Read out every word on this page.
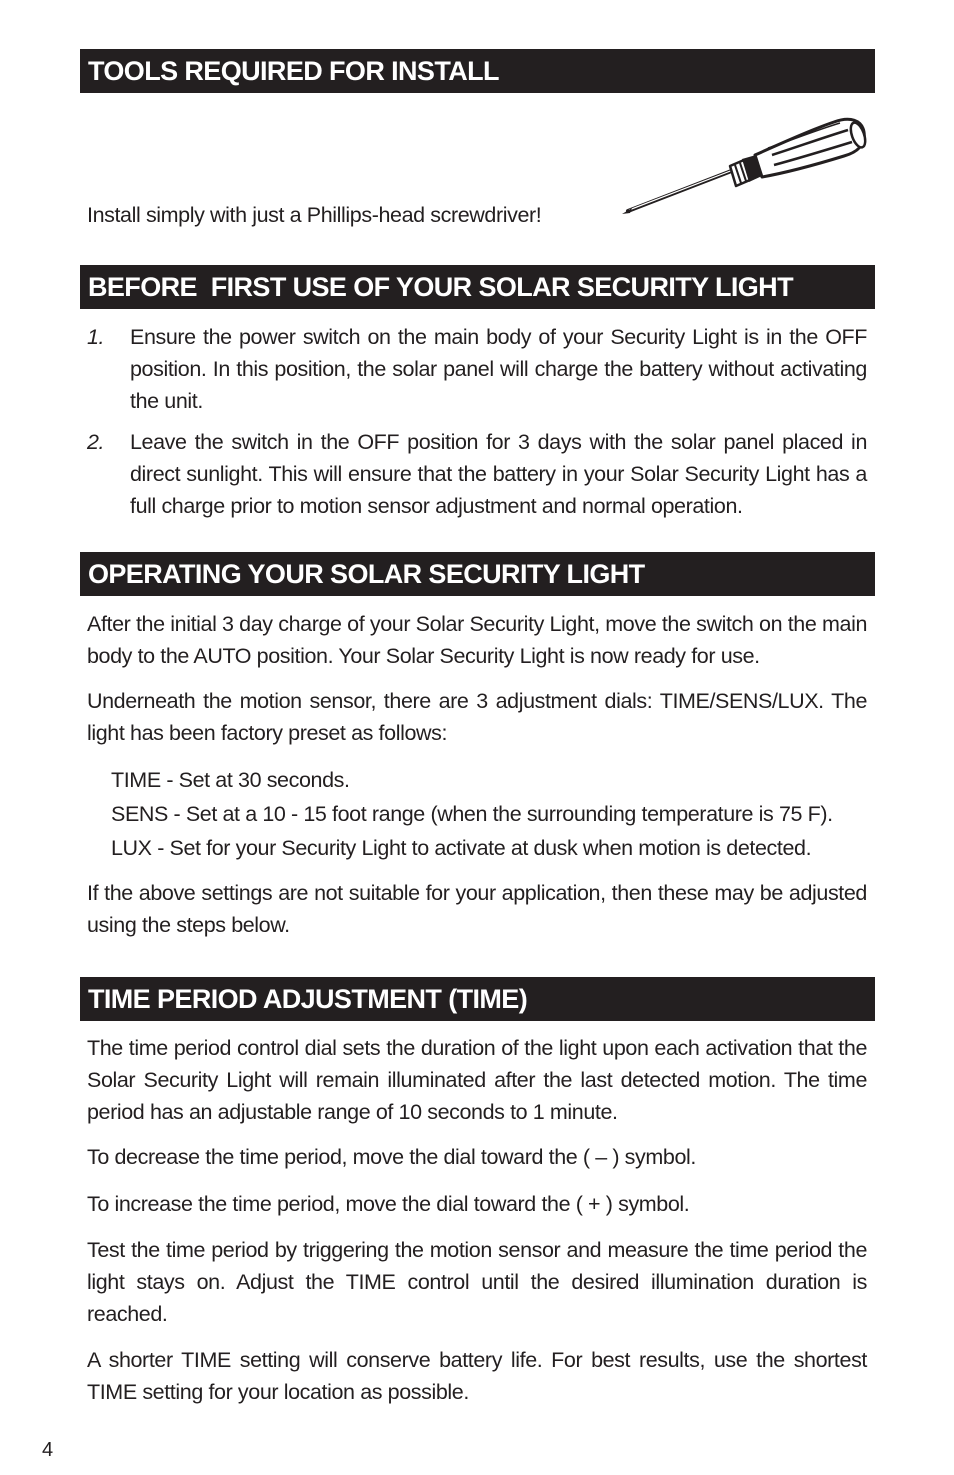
TOOLS REQUIRED FOR INSTALL

Install simply with just a Phillips-head screwdriver!

BEFORE  FIRST USE OF YOUR SOLAR SECURITY LIGHT
1. Ensure the power switch on the main body of your Security Light is in the OFF position. In this position, the solar panel will charge the battery without activating the unit.
2. Leave the switch in the OFF position for 3 days with the solar panel placed in direct sunlight. This will ensure that the battery in your Solar Security Light has a full charge prior to motion sensor adjustment and normal operation.
OPERATING YOUR SOLAR SECURITY LIGHT

After the initial 3 day charge of your Solar Security Light, move the switch on the main body to the AUTO position. Your Solar Security Light is now ready for use.

Underneath the motion sensor, there are 3 adjustment dials: TIME/SENS/LUX. The light has been factory preset as follows:

TIME - Set at 30 seconds.
SENS - Set at a 10 - 15 foot range (when the surrounding temperature is 75 F).
LUX - Set for your Security Light to activate at dusk when motion is detected.

If the above settings are not suitable for your application, then these may be adjusted using the steps below.

TIME PERIOD ADJUSTMENT (TIME)

The time period control dial sets the duration of the light upon each activation that the Solar Security Light will remain illuminated after the last detected motion. The time period has an adjustable range of 10 seconds to 1 minute.

To decrease the time period, move the dial toward the ( – ) symbol.

To increase the time period, move the dial toward the ( + ) symbol.

Test the time period by triggering the motion sensor and measure the time period the light stays on. Adjust the TIME control until the desired illumination duration is reached.

A shorter TIME setting will conserve battery life. For best results, use the shortest TIME setting for your location as possible.

4
